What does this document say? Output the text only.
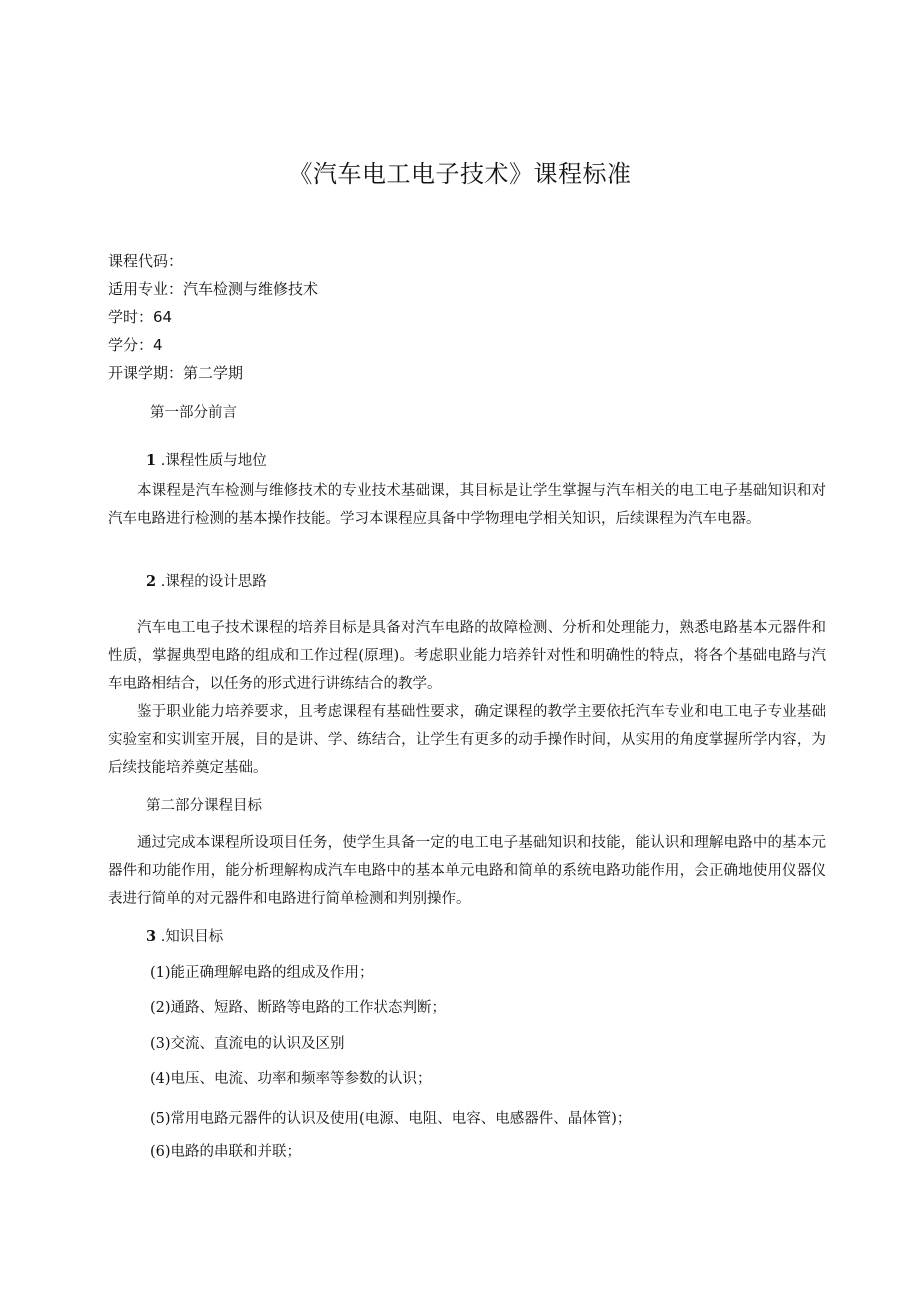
《汽车电工电子技术》课程标准
课程代码：
适用专业：汽车检测与维修技术
学时：64
学分：4
开课学期：第二学期
第一部分前言
1 .课程性质与地位

本课程是汽车检测与维修技术的专业技术基础课，其目标是让学生掌握与汽车相关的电工电子基础知识和对汽车电路进行检测的基本操作技能。学习本课程应具备中学物理电学相关知识，后续课程为汽车电器。

2 .课程的设计思路

汽车电工电子技术课程的培养目标是具备对汽车电路的故障检测、分析和处理能力，熟悉电路基本元器件和性质，掌握典型电路的组成和工作过程(原理)。考虑职业能力培养针对性和明确性的特点，将各个基础电路与汽车电路相结合，以任务的形式进行讲练结合的教学。

鉴于职业能力培养要求，且考虑课程有基础性要求，确定课程的教学主要依托汽车专业和电工电子专业基础实验室和实训室开展，目的是讲、学、练结合，让学生有更多的动手操作时间，从实用的角度掌握所学内容，为后续技能培养奠定基础。

第二部分课程目标

通过完成本课程所设项目任务，使学生具备一定的电工电子基础知识和技能，能认识和理解电路中的基本元器件和功能作用，能分析理解构成汽车电路中的基本单元电路和简单的系统电路功能作用，会正确地使用仪器仪表进行简单的对元器件和电路进行简单检测和判别操作。

3 .知识目标
(1)能正确理解电路的组成及作用；
(2)通路、短路、断路等电路的工作状态判断；
(3)交流、直流电的认识及区别
(4)电压、电流、功率和频率等参数的认识；
(5)常用电路元器件的认识及使用(电源、电阻、电容、电感器件、晶体管)；
(6)电路的串联和并联；
